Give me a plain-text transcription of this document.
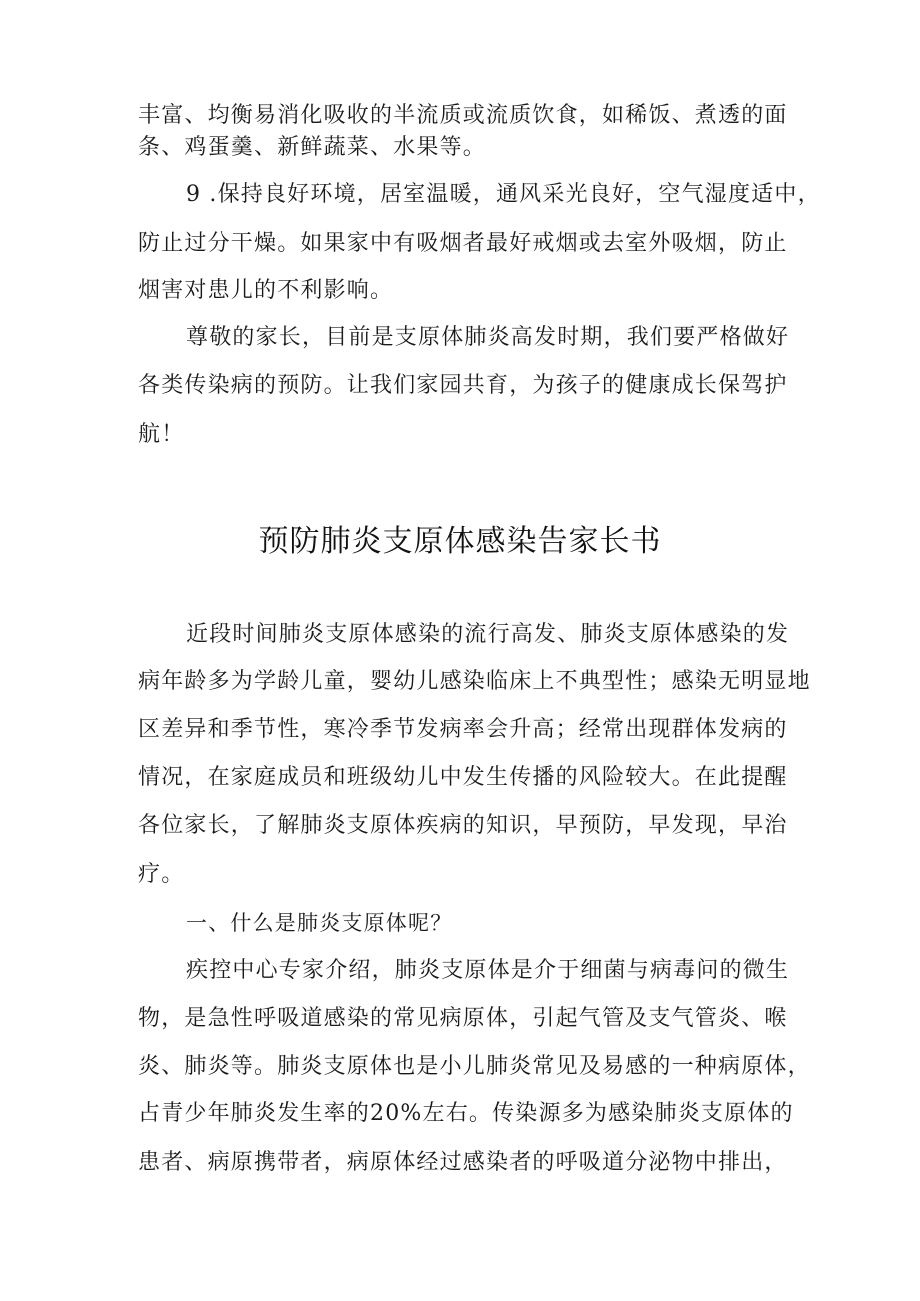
丰富、均衡易消化吸收的半流质或流质饮食，如稀饭、煮透的面
条、鸡蛋羹、新鲜蔬菜、水果等。
9 .保持良好环境，居室温暖，通风采光良好，空气湿度适中，
防止过分干燥。如果家中有吸烟者最好戒烟或去室外吸烟，防止
烟害对患儿的不利影响。
尊敬的家长，目前是支原体肺炎高发时期，我们要严格做好
各类传染病的预防。让我们家园共育，为孩子的健康成长保驾护
航！
预防肺炎支原体感染告家长书
近段时间肺炎支原体感染的流行高发、肺炎支原体感染的发
病年龄多为学龄儿童，婴幼儿感染临床上不典型性；感染无明显地
区差异和季节性，寒冷季节发病率会升高；经常出现群体发病的
情况，在家庭成员和班级幼儿中发生传播的风险较大。在此提醒
各位家长，了解肺炎支原体疾病的知识，早预防，早发现，早治
疗。
一、什么是肺炎支原体呢？
疾控中心专家介绍，肺炎支原体是介于细菌与病毒问的微生
物，是急性呼吸道感染的常见病原体，引起气管及支气管炎、喉
炎、肺炎等。肺炎支原体也是小儿肺炎常见及易感的一种病原体，
占青少年肺炎发生率的20%左右。传染源多为感染肺炎支原体的
患者、病原携带者，病原体经过感染者的呼吸道分泌物中排出，
